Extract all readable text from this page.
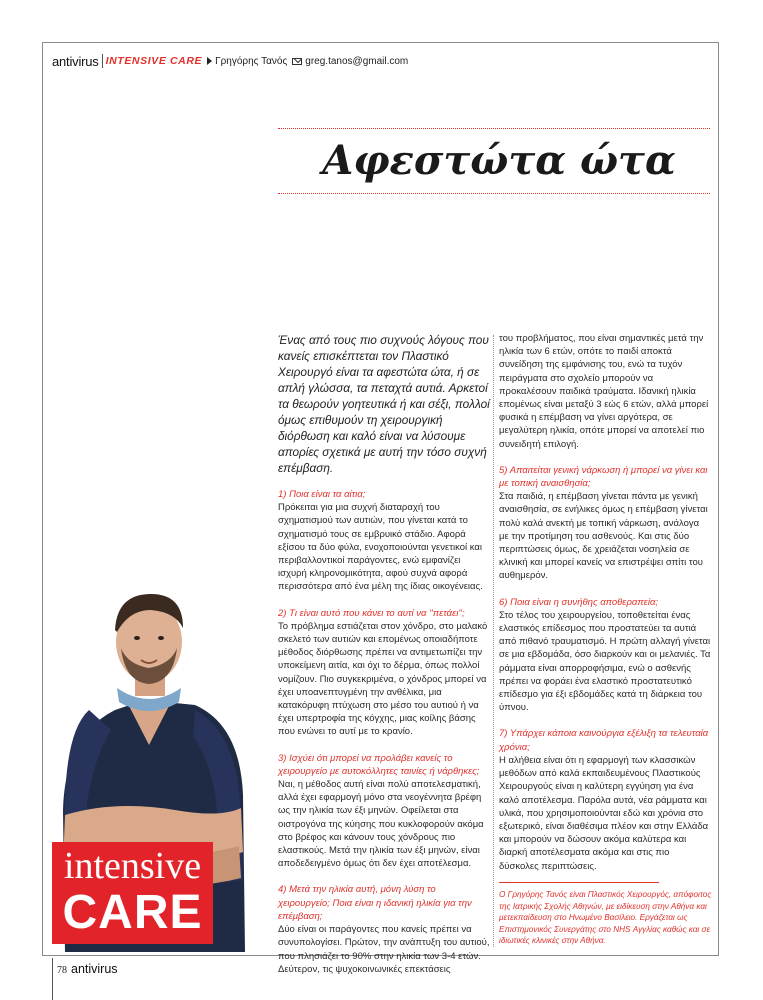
antivirus INTENSIVE CARE Γρηγόρης Τανός greg.tanos@gmail.com
Αφεστώτα ώτα
intensive
CARE

Ένας από τους πιο συχνούς λόγους που κανείς επισκέπτεται τον Πλαστικό Χειρουργό είναι τα αφεστώτα ώτα, ή σε απλή γλώσσα, τα πεταχτά αυτιά. Αρκετοί τα θεωρούν γοητευτικά ή και σέξι, πολλοί όμως επιθυμούν τη χειρουργική διόρθωση και καλό είναι να λύσουμε απορίες σχετικά με αυτή την τόσο συχνή επέμβαση.

1) Ποια είναι τα αίτια;

Πρόκειται για μια συχνή διαταραχή του σχηματισμού των αυτιών, που γίνεται κατά το σχηματισμό τους σε εμβρυικό στάδιο. Αφορά εξίσου τα δύο φύλα, ενοχοποιούνται γενετικοί και περιβαλλοντικοί παράγοντες, ενώ εμφανίζει ισχυρή κληρονομικότητα, αφού συχνά αφορά περισσότερα από ένα μέλη της ίδιας οικογένειας.

2) Τι είναι αυτό που κάνει το αυτί να ''πετάει'';

Το πρόβλημα εστιάζεται στον χόνδρο, στο μαλακό σκελετό των αυτιών και επομένως οποιαδήποτε μέθοδος διόρθωσης πρέπει να αντιμετωπίζει την υποκείμενη αιτία, και όχι το δέρμα, όπως πολλοί νομίζουν. Πιο συγκεκριμένα, ο χόνδρος μπορεί να έχει υποανεπτυγμένη την ανθέλικα, μια κατακόρυφη πτύχωση στο μέσο του αυτιού ή να έχει υπερτροφία της κόγχης, μιας κοίλης βάσης που ενώνει το αυτί με το κρανίο.

3) Ισχύει ότι μπορεί να προλάβει κανείς το χειρουργείο με αυτοκόλλητες ταινίες ή νάρθηκες;

Ναι, η μέθοδος αυτή είναι πολύ αποτελεσματική, αλλά έχει εφαρμογή μόνο στα νεογέννητα βρέφη ως την ηλικία των έξι μηνών. Οφείλεται στα οιστρογόνα της κύησης που κυκλοφορούν ακόμα στο βρέφος και κάνουν τους χόνδρους πιο ελαστικούς. Μετά την ηλικία των έξι μηνών, είναι αποδεδειγμένο όμως ότι δεν έχει αποτέλεσμα.

4) Μετά την ηλικία αυτή, μόνη λύση το χειρουργείο; Ποια είναι η ιδανική ηλικία για την επέμβαση;

Δύο είναι οι παράγοντες που κανείς πρέπει να συνυπολογίσει. Πρώτον, την ανάπτυξη του αυτιού, που πλησιάζει το 90% στην ηλικία των 3-4 ετών. Δεύτερον, τις ψυχοκοινωνικές επεκτάσεις

του προβλήματος, που είναι σημαντικές μετά την ηλικία των 6 ετών, οπότε το παιδί αποκτά συνείδηση της εμφάνισης του, ενώ τα τυχόν πειράγματα στο σχολείο μπορούν να προκαλέσουν παιδικά τραύματα. Ιδανική ηλικία επομένως είναι μεταξύ 3 εώς 6 ετών, αλλά μπορεί φυσικά η επέμβαση να γίνει αργότερα, σε μεγαλύτερη ηλικία, οπότε μπορεί να αποτελεί πιο συνειδητή επιλογή.

5) Απαιτείται γενική νάρκωση ή μπορεί να γίνει και με τοπική αναισθησία;

Στα παιδιά, η επέμβαση γίνεται πάντα με γενική αναισθησία, σε ενήλικες όμως η επέμβαση γίνεται πολύ καλά ανεκτή με τοπική νάρκωση, ανάλογα με την προτίμηση του ασθενούς. Και στις δύο περιπτώσεις όμως, δε χρειάζεται νοσηλεία σε κλινική και μπορεί κανείς να επιστρέψει σπίτι του αυθημερόν.

6) Ποια είναι η συνήθης αποθεραπεία;

Στο τέλος του χειρουργείου, τοποθετείται ένας ελαστικός επίδεσμος που προστατεύει τα αυτιά από πιθανό τραυματισμό. Η πρώτη αλλαγή γίνεται σε μια εβδομάδα, όσο διαρκούν και οι μελανιές. Τα ράμματα είναι απορροφήσιμα, ενώ ο ασθενής πρέπει να φοράει ένα ελαστικό προστατευτικό επίδεσμο για έξι εβδομάδες κατά τη διάρκεια του ύπνου.

7) Υπάρχει κάποια καινούργια εξέλιξη τα τελευταία χρόνια;

Η αλήθεια είναι ότι η εφαρμογή των κλασσικών μεθόδων από καλά εκπαιδευμένους Πλαστικούς Χειρουργούς είναι η καλύτερη εγγύηση για ένα καλό αποτέλεσμα. Παρόλα αυτά, νέα ράμματα και υλικά, που χρησιμοποιούνται εδώ και χρόνια στο εξωτερικό, είναι διαθέσιμα πλέον και στην Ελλάδα και μπορούν να δώσουν ακόμα καλύτερα και διαρκή αποτέλεσματα ακόμα και στις πιο δύσκολες περιπτώσεις.

Ο Γρηγόρης Τανός είναι Πλαστικός Χειρουργός, απόφοιτος της Ιατρικής Σχολής Αθηνών, με ειδίκευση στην Αθήνα και μετεκπαίδευση στο Ηνωμένο Βασίλειο. Εργάζεται ως Επιστημονικός Συνεργάτης στο NHS Αγγλίας καθώς και σε ιδιωτικές κλινικές στην Αθήνα.
78 antivirus
